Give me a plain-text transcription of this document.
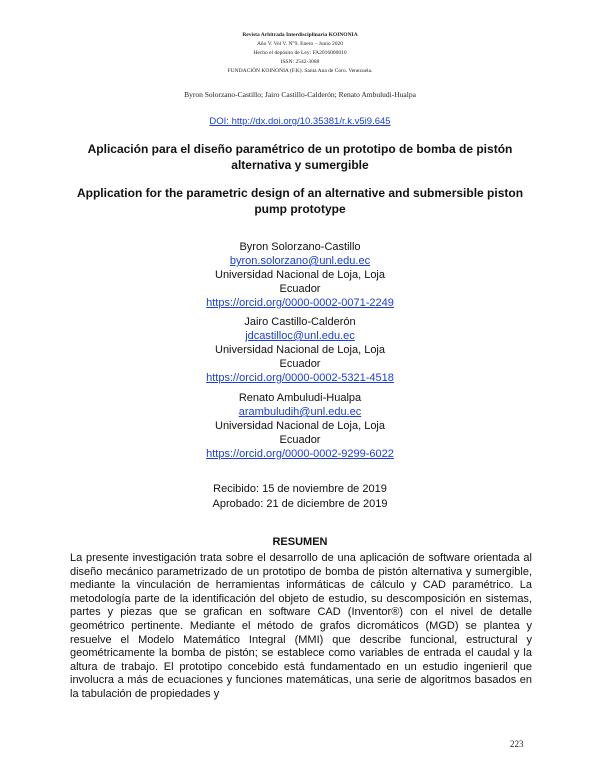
Revista Arbitrada Interdisciplinaria KOINONIA
Año V. Vol V. N°9. Enero – Junio 2020
Hecho el depósito de Ley: FA2016000010
ISSN: 2542-3088
FUNDACIÓN KOINONIA (F.K). Santa Ana de Coro. Venezuela.
Byron Solorzano-Castillo; Jairo Castillo-Calderón; Renato Ambuludi-Hualpa
DOI: http://dx.doi.org/10.35381/r.k.v5i9.645
Aplicación para el diseño paramétrico de un prototipo de bomba de pistón alternativa y sumergible
Application for the parametric design of an alternative and submersible piston pump prototype
Byron Solorzano-Castillo
byron.solorzano@unl.edu.ec
Universidad Nacional de Loja, Loja
Ecuador
https://orcid.org/0000-0002-0071-2249
Jairo Castillo-Calderón
jdcastilloc@unl.edu.ec
Universidad Nacional de Loja, Loja
Ecuador
https://orcid.org/0000-0002-5321-4518
Renato Ambuludi-Hualpa
arambuludih@unl.edu.ec
Universidad Nacional de Loja, Loja
Ecuador
https://orcid.org/0000-0002-9299-6022
Recibido: 15 de noviembre de 2019
Aprobado: 21 de diciembre de 2019
RESUMEN
La presente investigación trata sobre el desarrollo de una aplicación de software orientada al diseño mecánico parametrizado de un prototipo de bomba de pistón alternativa y sumergible, mediante la vinculación de herramientas informáticas de cálculo y CAD paramétrico. La metodología parte de la identificación del objeto de estudio, su descomposición en sistemas, partes y piezas que se grafican en software CAD (Inventor®) con el nivel de detalle geométrico pertinente. Mediante el método de grafos dicromáticos (MGD) se plantea y resuelve el Modelo Matemático Integral (MMI) que describe funcional, estructural y geométricamente la bomba de pistón; se establece como variables de entrada el caudal y la altura de trabajo. El prototipo concebido está fundamentado en un estudio ingenieril que involucra a más de ecuaciones y funciones matemáticas, una serie de algoritmos basados en la tabulación de propiedades y
223
